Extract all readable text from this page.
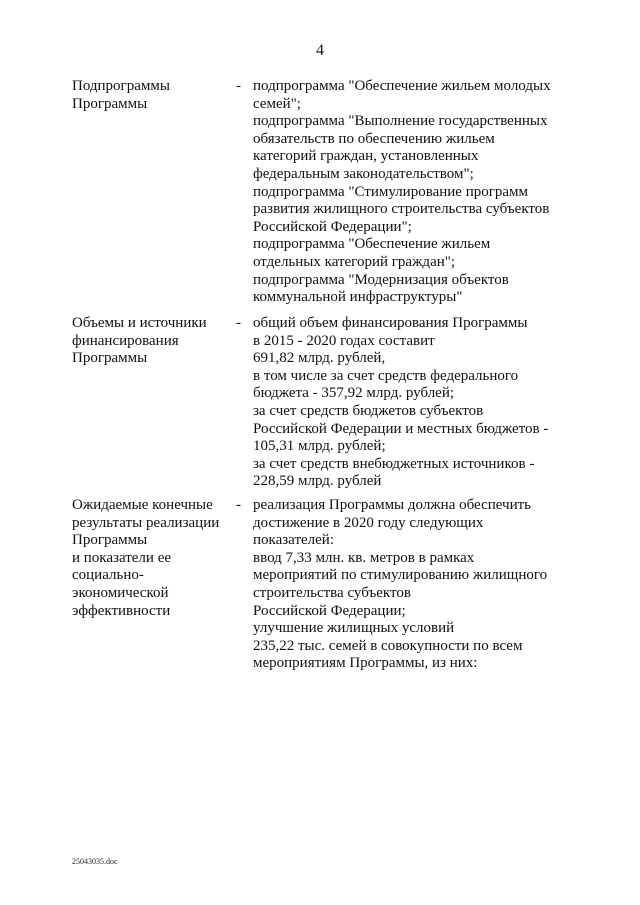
4

Подпрограммы
Программы

- подпрограмма "Обеспечение жильем молодых
семей";
подпрограмма "Выполнение государственных
обязательств по обеспечению жильем
категорий граждан, установленных
федеральным законодательством";
подпрограмма "Стимулирование программ
развития жилищного строительства субъектов
Российской Федерации";
подпрограмма "Обеспечение жильем
отдельных категорий граждан";
подпрограмма "Модернизация объектов
коммунальной инфраструктуры"

Объемы и источники
финансирования
Программы

- общий объем финансирования Программы
в 2015 - 2020 годах составит
691,82 млрд. рублей,
в том числе за счет средств федерального
бюджета - 357,92 млрд. рублей;
за счет средств бюджетов субъектов
Российской Федерации и местных бюджетов -
105,31 млрд. рублей;
за счет средств внебюджетных источников -
228,59 млрд. рублей

Ожидаемые конечные
результаты реализации
Программы
и показатели ее
социально-
экономической
эффективности

- реализация Программы должна обеспечить
достижение в 2020 году следующих
показателей:
ввод 7,33 млн. кв. метров в рамках
мероприятий по стимулированию жилищного
строительства субъектов
Российской Федерации;
улучшение жилищных условий
235,22 тыс. семей в совокупности по всем
мероприятиям Программы, из них:

25043035.doc
